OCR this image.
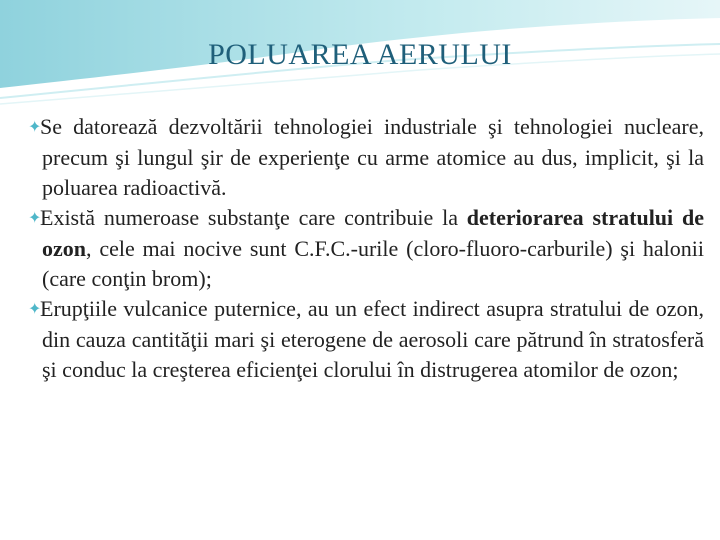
POLUAREA AERULUI

✦Se datorează dezvoltării tehnologiei industriale şi tehnologiei nucleare, precum şi lungul şir de experienţe cu arme atomice au dus, implicit, şi la poluarea radioactivă.

✦Există numeroase substanţe care contribuie la deteriorarea stratului de ozon, cele mai nocive sunt C.F.C.-urile (cloro-fluoro-carburile) şi halonii (care conţin brom);

✦Erupţiile vulcanice puternice, au un efect indirect asupra stratului de ozon, din cauza cantităţii mari şi eterogene de aerosoli care pătrund în stratosferă şi conduc la creşterea eficienţei clorului în distrugerea atomilor de ozon;
